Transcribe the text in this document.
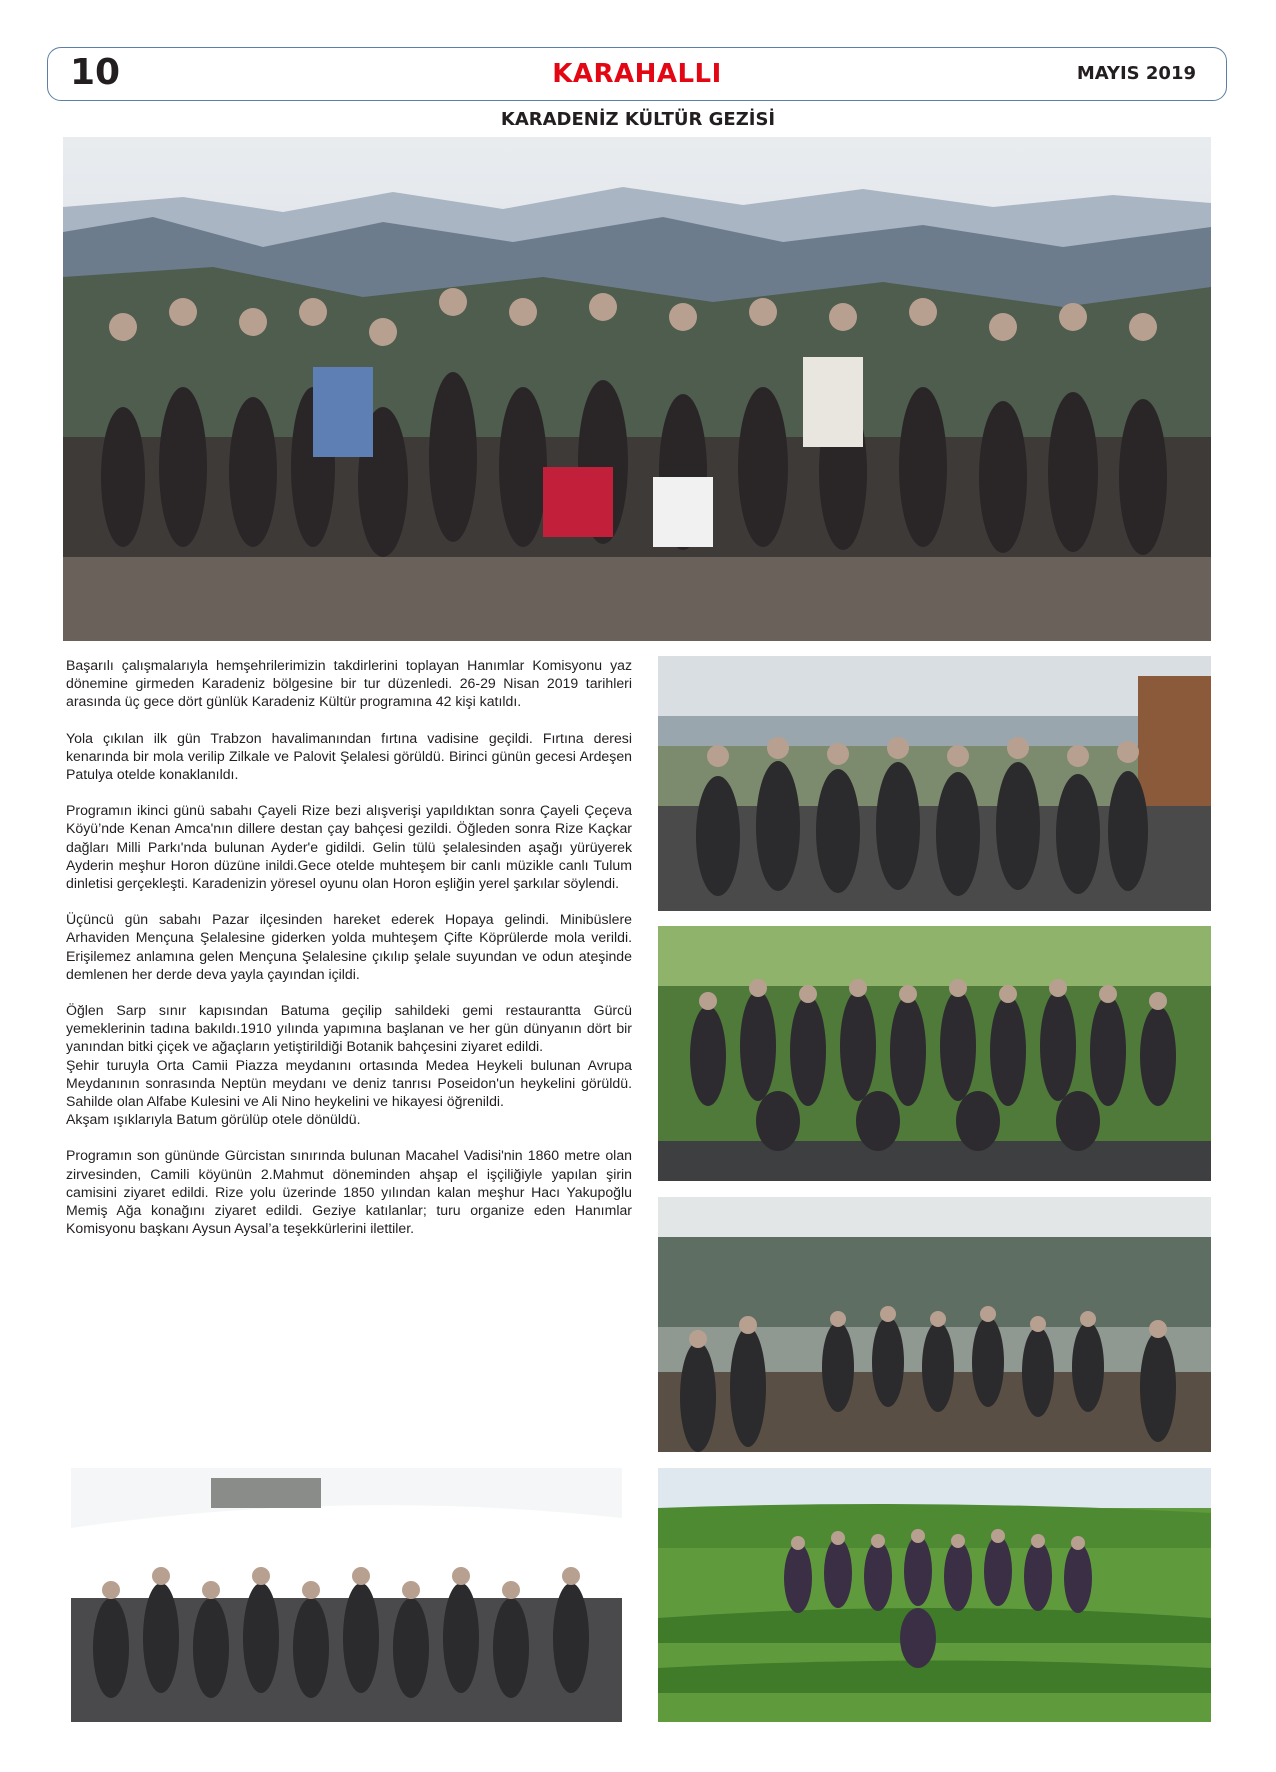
10	KARAHALLI	MAYIS 2019
KARADENİZ KÜLTÜR GEZİSİ

Başarılı çalışmalarıyla hemşehrilerimizin takdirlerini toplayan Hanımlar Komisyonu yaz dönemine girmeden Karadeniz bölgesine bir tur düzenledi. 26-29 Nisan 2019 tarihleri arasında üç gece dört günlük Karadeniz Kültür programına 42 kişi katıldı.

Yola çıkılan ilk gün Trabzon havalimanından fırtına vadisine geçildi. Fırtına deresi kenarında bir mola verilip Zilkale ve Palovit Şelalesi görüldü. Birinci günün gecesi Ardeşen Patulya otelde konaklanıldı.

Programın ikinci günü sabahı Çayeli Rize bezi alışverişi yapıldıktan sonra Çayeli Çeçeva Köyü’nde Kenan Amca'nın dillere destan çay bahçesi gezildi. Öğleden sonra Rize Kaçkar dağları Milli Parkı'nda bulunan Ayder'e gidildi. Gelin tülü şelalesinden aşağı yürüyerek Ayderin meşhur Horon düzüne inildi.Gece otelde muhteşem bir canlı müzikle canlı Tulum dinletisi gerçekleşti. Karadenizin yöresel oyunu olan Horon eşliğin yerel şarkılar söylendi.

Üçüncü gün sabahı Pazar ilçesinden hareket ederek Hopaya gelindi. Minibüslere Arhaviden Mençuna Şelalesine giderken yolda muhteşem Çifte Köprülerde mola verildi. Erişilemez anlamına gelen Mençuna Şelalesine çıkılıp şelale suyundan ve odun ateşinde demlenen her derde deva yayla çayından içildi.

Öğlen Sarp sınır kapısından Batuma geçilip sahildeki gemi restaurantta Gürcü yemeklerinin tadına bakıldı.1910 yılında yapımına başlanan ve her gün dünyanın dört bir yanından bitki çiçek ve ağaçların yetiştirildiği Botanik bahçesini ziyaret edildi.

Şehir turuyla Orta Camii Piazza meydanını ortasında Medea Heykeli bulunan Avrupa Meydanının sonrasında Neptün meydanı ve deniz tanrısı Poseidon'un heykelini görüldü. Sahilde olan Alfabe Kulesini ve Ali Nino heykelini ve hikayesi öğrenildi.

Akşam ışıklarıyla Batum görülüp otele dönüldü.

Programın son gününde Gürcistan sınırında bulunan Macahel Vadisi'nin 1860 metre olan zirvesinden, Camili köyünün 2.Mahmut döneminden ahşap el işçiliğiyle yapılan şirin camisini ziyaret edildi. Rize yolu üzerinde 1850 yılından kalan meşhur Hacı Yakupoğlu Memiş Ağa konağını ziyaret edildi. Geziye katılanlar; turu organize eden Hanımlar Komisyonu başkanı Aysun Aysal’a teşekkürlerini ilettiler.
